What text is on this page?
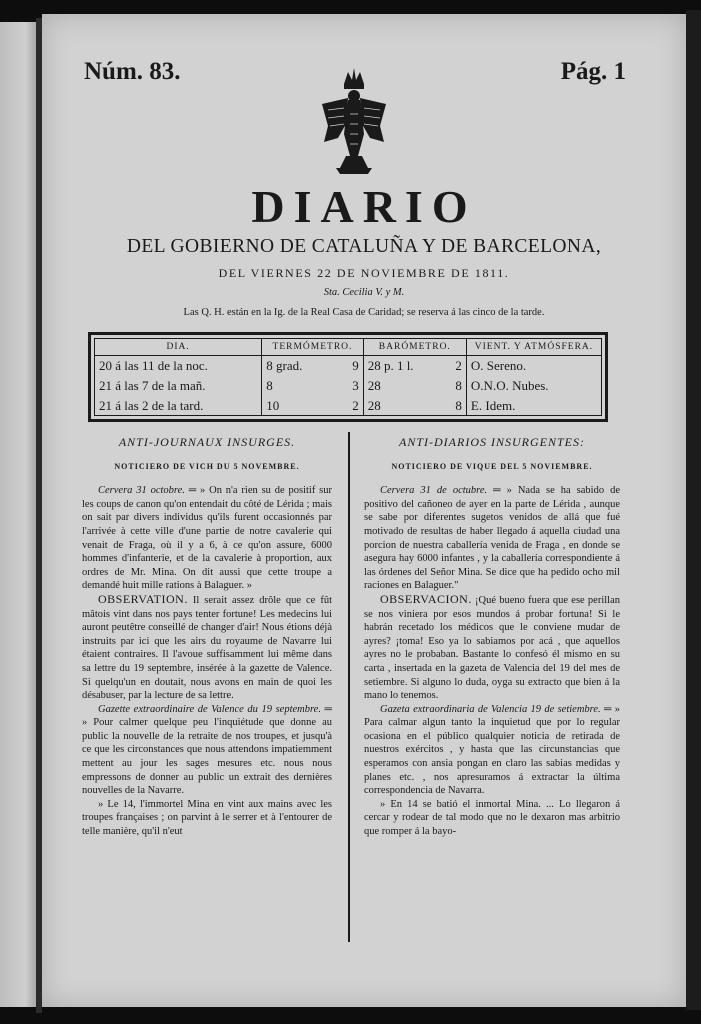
Núm. 83.	Pág. 1
DIARIO

DEL GOBIERNO DE CATALUÑA Y DE BARCELONA,

DEL VIERNES 22 DE NOVIEMBRE DE 1811.

Sta. Cecilia V. y M.

Las Q. H. están en la Ig. de la Real Casa de Caridad; se reserva á las cinco de la tarde.

DIA.	TERMÓMETRO.		BARÓMETRO.		VIENT. Y ATMÓSFERA.
20 á las 11 de la noc.	8 grad.	9	28 p. 1 l.	2	O. Sereno.
21 á las 7 de la mañ.	8	3	28	8	O.N.O. Nubes.
21 á las 2 de la tard.	10	2	28	8	E. Idem.
ANTI-JOURNAUX INSURGES.
NOTICIERO DE VICH DU 5 NOVEMBRE.

Cervera 31 octobre. ═ » On n'a rien su de positif sur les coups de canon qu'on entendait du côté de Lérida ; mais on sait par divers individus qu'ils furent occasionnés par l'arrivée à cette ville d'une partie de notre cavalerie qui venait de Fraga, où il y a 6, à ce qu'on assure, 6000 hommes d'infanterie, et de la cavalerie à proportion, aux ordres de Mr. Mina. On dit aussi que cette troupe a demandé huit mille rations à Balaguer. »

OBSERVATION. Il serait assez drôle que ce fût mâtois vint dans nos pays tenter fortune! Les medecins lui auront peutêtre conseillé de changer d'air! Nous étions déjà instruits par ici que les airs du royaume de Navarre lui étaient contraires. Il l'avoue suffisamment lui même dans sa lettre du 19 septembre, insérée à la gazette de Valence. Si quelqu'un en doutait, nous avons en main de quoi les désabuser, par la lecture de sa lettre.

Gazette extraordinaire de Valence du 19 septembre. ═ » Pour calmer quelque peu l'inquiétude que donne au public la nouvelle de la retraite de nos troupes, et jusqu'à ce que les circonstances que nous attendons impatiemment mettent au jour les sages mesures etc. nous nous empressons de donner au public un extrait des dernières nouvelles de la Navarre.

» Le 14, l'immortel Mina en vint aux mains avec les troupes françaises ; on parvint à le serrer et à l'entourer de telle manière, qu'il n'eut

ANTI-DIARIOS INSURGENTES:
NOTICIERO DE VIQUE DEL 5 NOVIEMBRE.

Cervera 31 de octubre. ═ » Nada se ha sabido de positivo del cañoneo de ayer en la parte de Lérida , aunque se sabe por diferentes sugetos venidos de allá que fué motivado de resultas de haber llegado á aquella ciudad una porcion de nuestra caballería venida de Fraga , en donde se asegura hay 6000 infantes , y la caballería correspondiente á las órdenes del Señor Mina. Se dice que ha pedido ocho mil raciones en Balaguer."

OBSERVACION. ¡Qué bueno fuera que ese perillan se nos viniera por esos mundos á probar fortuna! Si le habrán recetado los médicos que le conviene mudar de ayres? ¡toma! Eso ya lo sabiamos por acá , que aquellos ayres no le probaban. Bastante lo confesó él mismo en su carta , insertada en la gazeta de Valencia del 19 del mes de setiembre. Si alguno lo duda, oyga su extracto que bien á la mano lo tenemos.

Gazeta extraordinaria de Valencia 19 de setiembre. ═ » Para calmar algun tanto la inquietud que por lo regular ocasiona en el público qualquier noticia de retirada de nuestros exércitos , y hasta que las circunstancias que esperamos con ansia pongan en claro las sabias medidas y planes etc. , nos apresuramos á extractar la última correspondencia de Navarra.

» En 14 se batió el inmortal Mina. ... Lo llegaron á cercar y rodear de tal modo que no le dexaron mas arbitrio que romper á la bayo-
